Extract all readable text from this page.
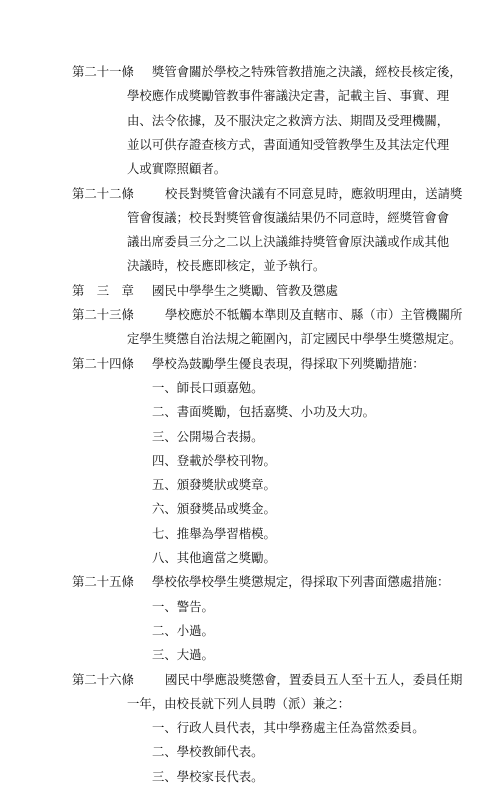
第二十一條 獎管會關於學校之特殊管教措施之決議，經校長核定後，
學校應作成獎勵管教事件審議決定書，記載主旨、事實、理
由、法令依據，及不服決定之救濟方法、期間及受理機關，
並以可供存證查核方式，書面通知受管教學生及其法定代理
人或實際照顧者。
第二十二條	校長對獎管會決議有不同意見時，應敘明理由，送請獎
管會復議；校長對獎管會復議結果仍不同意時，經獎管會會
議出席委員三分之二以上決議維持獎管會原決議或作成其他
決議時，校長應即核定，並予執行。
第　三　章 國民中學學生之獎勵、管教及懲處
第二十三條	學校應於不牴觸本準則及直轄市、縣（市）主管機關所
定學生獎懲自治法規之範圍內，訂定國民中學學生獎懲規定。
第二十四條 學校為鼓勵學生優良表現，得採取下列獎勵措施：
一、師長口頭嘉勉。
二、書面獎勵，包括嘉獎、小功及大功。
三、公開場合表揚。
四、登載於學校刊物。
五、頒發獎狀或獎章。
六、頒發獎品或獎金。
七、推舉為學習楷模。
八、其他適當之獎勵。
第二十五條 學校依學校學生獎懲規定，得採取下列書面懲處措施：
一、警告。
二、小過。
三、大過。
第二十六條	國民中學應設獎懲會，置委員五人至十五人，委員任期
一年，由校長就下列人員聘（派）兼之：
一、行政人員代表，其中學務處主任為當然委員。
二、學校教師代表。
三、學校家長代表。
